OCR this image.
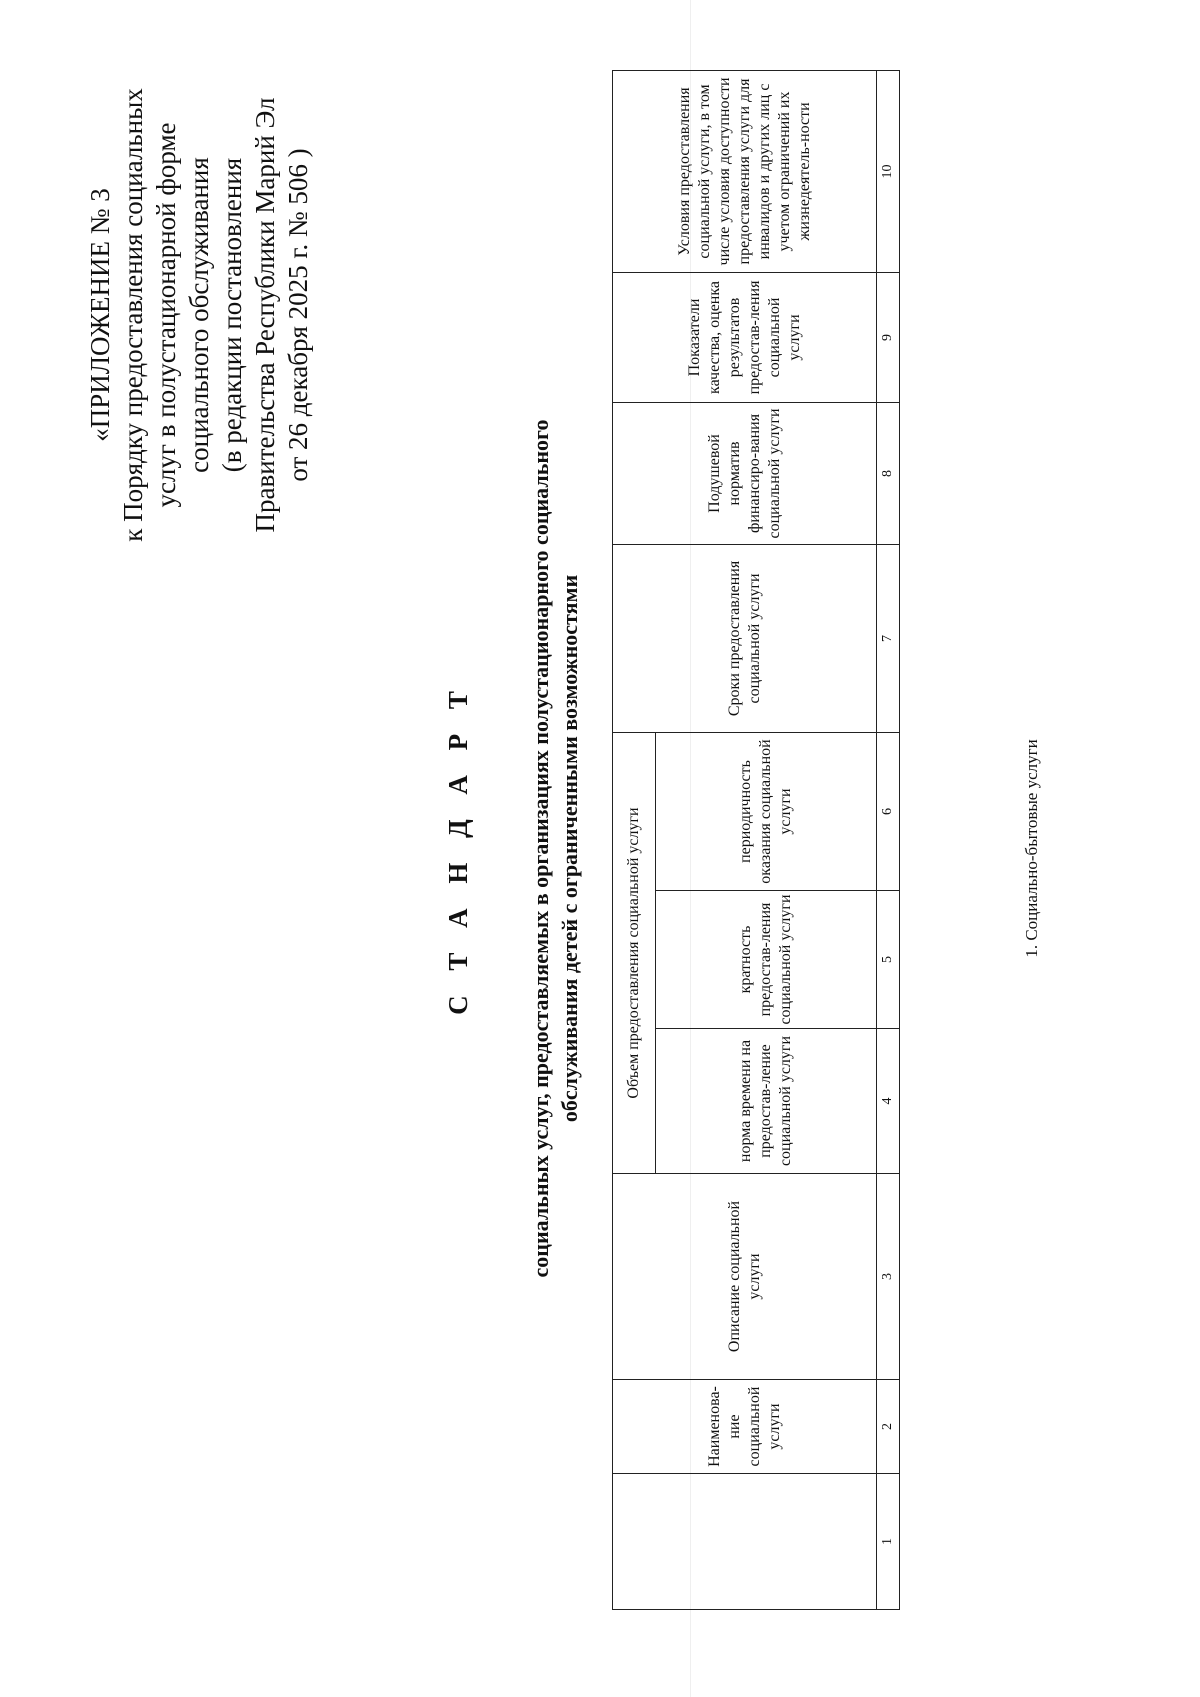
«ПРИЛОЖЕНИЕ № 3 к Порядку предоставления социальных услуг в полустационарной форме социального обслуживания (в редакции постановления Правительства Республики Марий Эл от 26 декабря 2025 г. № 506 )
С Т А Н Д А Р Т	социальных услуг, предоставляемых в организациях полустационарного социального обслуживания детей с ограниченными возможностями
	Наименова-ние социальной услуги	Описание социальной услуги	Объем предоставления социальной услуги			Сроки предоставления социальной услуги	Подушевой норматив финансиро-вания социальной услуги	Показатели качества, оценка результатов предостав-ления социальной услуги	Условия предоставления социальной услуги, в том числе условия доступности предоставления услуги для инвалидов и других лиц с учетом ограничений их жизнедеятель-ности
			норма времени на предостав-ление социальной услуги	кратность предостав-ления социальной услуги	периодичность оказания социальной услуги				
1	2	3	4	5	6	7	8	9	10
1. Социально-бытовые услуги
